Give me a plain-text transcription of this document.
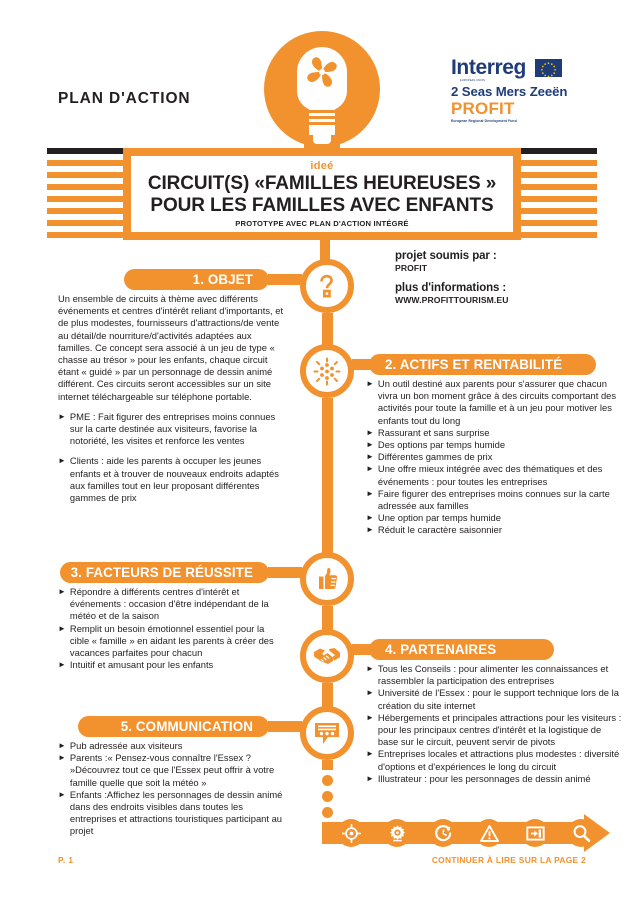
PLAN D'ACTION
Interreg
EUROPEAN UNION
2 Seas Mers Zeeën
PROFIT
European Regional Development Fund
ideé
CIRCUIT(S) «FAMILLES HEUREUSES »
POUR LES FAMILLES AVEC ENFANTS
PROTOTYPE AVEC PLAN D'ACTION INTÉGRÉ
1. OBJET
2. ACTIFS ET RENTABILITÉ
3. FACTEURS DE RÉUSSITE
4. PARTENAIRES
5. COMMUNICATION
projet soumis par :
PROFIT
plus d'informations :
WWW.PROFITTOURISM.EU

Un ensemble de circuits à thème avec différents événements et centres d'intérêt reliant d'importants, et de plus modestes, fournisseurs d'attractions/de vente au détail/de nourriture/d'activités adaptées aux familles. Ce concept sera associé à un jeu de type « chasse au trésor » pour les enfants, chaque circuit étant « guidé » par un personnage de dessin animé différent. Ces circuits seront accessibles sur un site internet téléchargeable sur téléphone portable.

► PME : Fait figurer des entreprises moins connues sur la carte destinée aux visiteurs, favorise la notoriété, les visites et renforce les ventes
► Clients : aide les parents à occuper les jeunes enfants et à trouver de nouveaux endroits adaptés aux familles tout en leur proposant différentes gammes de prix
► Un outil destiné aux parents pour s'assurer que chacun vivra un bon moment grâce à des circuits comportant des activités pour toute la famille et à un jeu pour motiver les enfants tout du long
► Rassurant et sans surprise
► Des options par temps humide
► Différentes gammes de prix
► Une offre mieux intégrée avec des thématiques et des événements : pour toutes les entreprises
► Faire figurer des entreprises moins connues sur la carte adressée aux familles
► Une option par temps humide
► Réduit le caractère saisonnier
► Répondre à différents centres d'intérêt et événements : occasion d'être indépendant de la météo et de la saison
► Remplit un besoin émotionnel essentiel pour la cible « famille » en aidant les parents à créer des vacances parfaites pour chacun
► Intuitif et amusant pour les enfants	► Tous les Conseils : pour alimenter les connaissances et rassembler la participation des entreprises
► Université de l'Essex : pour le support technique lors de la création du site internet
► Hébergements et principales attractions pour les visiteurs : pour les principaux centres d'intérêt et la logistique de base sur le circuit, peuvent servir de pivots
► Entreprises locales et attractions plus modestes : diversité d'options et d'expériences le long du circuit
► Illustrateur : pour les personnages de dessin animé
► Pub adressée aux visiteurs
► Parents :« Pensez-vous connaître l'Essex ? »Découvrez tout ce que l'Essex peut offrir à votre famille quelle que soit la météo »
► Enfants :Affichez les personnages de dessin animé dans des endroits visibles dans toutes les entreprises et attractions touristiques participant au projet
P. 1	CONTINUER À LIRE SUR LA PAGE 2
